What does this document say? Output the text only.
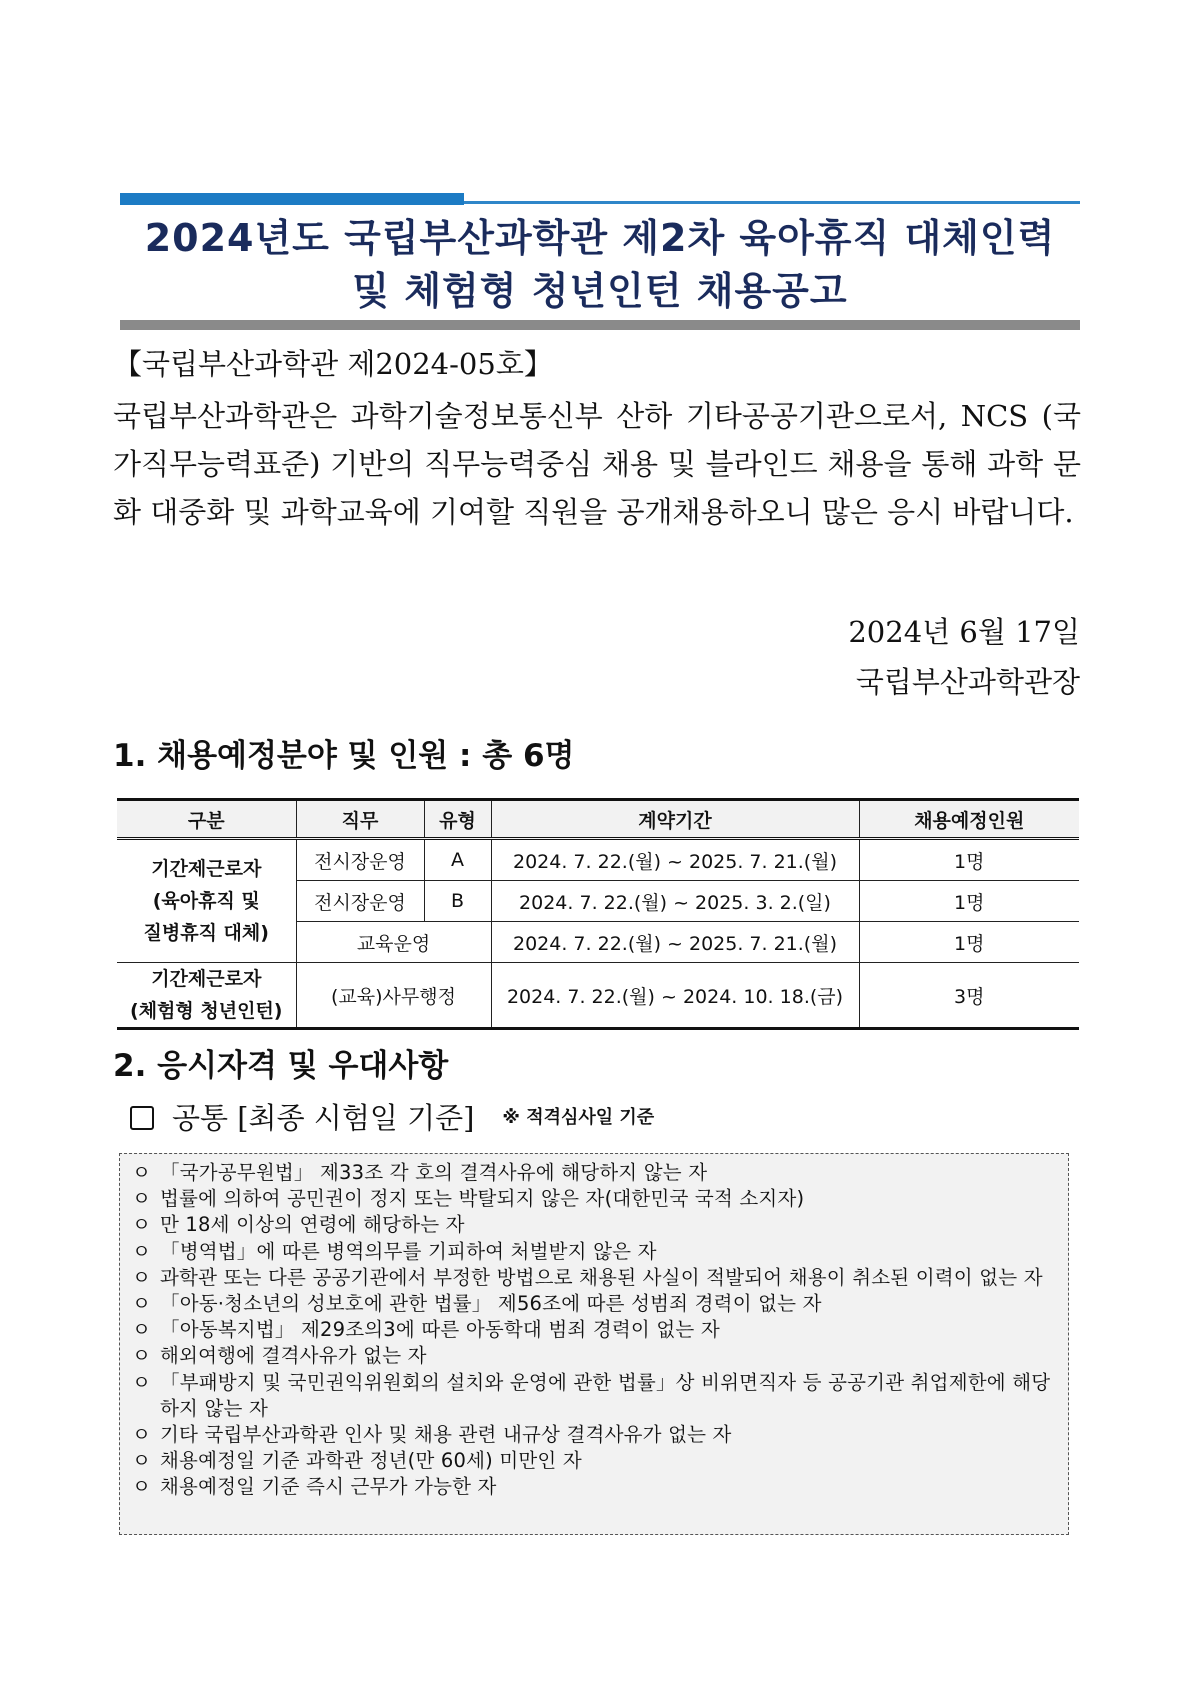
2024년도 국립부산과학관 제2차 육아휴직 대체인력
및 체험형 청년인턴 채용공고
【국립부산과학관 제2024-05호】
국립부산과학관은 과학기술정보통신부 산하 기타공공기관으로서, NCS (국가직무능력표준) 기반의 직무능력중심 채용 및 블라인드 채용을 통해 과학 문화 대중화 및 과학교육에 기여할 직원을 공개채용하오니 많은 응시 바랍니다.
2024년 6월 17일
국립부산과학관장
1. 채용예정분야 및 인원 : 총 6명
구분	직무	유형	계약기간	채용예정인원

기간제근로자
(육아휴직 및
질병휴직 대체)	전시장운영	A	2024. 7. 22.(월) ~ 2025. 7. 21.(월)	1명
	전시장운영	B	2024. 7. 22.(월) ~ 2025. 3. 2.(일)	1명
	교육운영		2024. 7. 22.(월) ~ 2025. 7. 21.(월)	1명

기간제근로자
(체험형 청년인턴)	(교육)사무행정		2024. 7. 22.(월) ~ 2024. 10. 18.(금)	3명
2. 응시자격 및 우대사항
공통 [최종 시험일 기준] ※ 적격심사일 기준
ㅇ 「국가공무원법」 제33조 각 호의 결격사유에 해당하지 않는 자
ㅇ 법률에 의하여 공민권이 정지 또는 박탈되지 않은 자(대한민국 국적 소지자)
ㅇ 만 18세 이상의 연령에 해당하는 자
ㅇ 「병역법」에 따른 병역의무를 기피하여 처벌받지 않은 자
ㅇ 과학관 또는 다른 공공기관에서 부정한 방법으로 채용된 사실이 적발되어 채용이 취소된 이력이 없는 자
ㅇ 「아동·청소년의 성보호에 관한 법률」 제56조에 따른 성범죄 경력이 없는 자
ㅇ 「아동복지법」 제29조의3에 따른 아동학대 범죄 경력이 없는 자
ㅇ 해외여행에 결격사유가 없는 자
ㅇ 「부패방지 및 국민권익위원회의 설치와 운영에 관한 법률」상 비위면직자 등 공공기관 취업제한에 해당하지 않는 자
ㅇ 기타 국립부산과학관 인사 및 채용 관련 내규상 결격사유가 없는 자
ㅇ 채용예정일 기준 과학관 정년(만 60세) 미만인 자
ㅇ 채용예정일 기준 즉시 근무가 가능한 자
